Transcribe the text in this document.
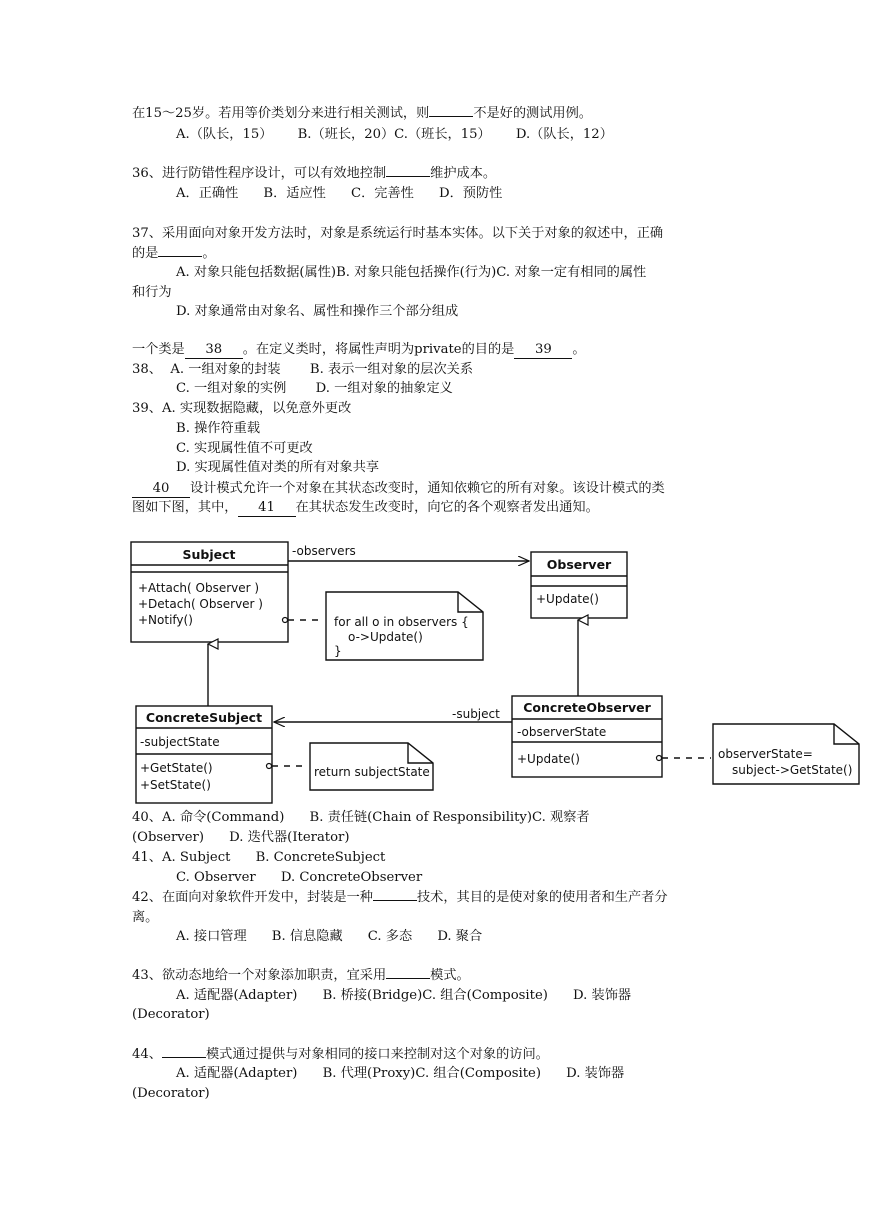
在15～25岁。若用等价类划分来进行相关测试，则	不是好的测试用例。
A.（队长，15）      B.（班长，20）C.（班长，15）      D.（队长，12）
36、进行防错性程序设计，可以有效地控制	维护成本。
A．正确性      B．适应性      C．完善性      D．预防性
37、采用面向对象开发方法时，对象是系统运行时基本实体。以下关于对象的叙述中，正确
的是	。
A. 对象只能包括数据(属性)B. 对象只能包括操作(行为)C. 对象一定有相同的属性
和行为
D. 对象通常由对象名、属性和操作三个部分组成
一个类是 38 。在定义类时，将属性声明为private的目的是 39 。
38、  A. 一组对象的封装       B. 表示一组对象的层次关系
C. 一组对象的实例       D. 一组对象的抽象定义
39、A. 实现数据隐藏，以免意外更改
B. 操作符重载
C. 实现属性值不可更改
D. 实现属性值对类的所有对象共享
40 设计模式允许一个对象在其状态改变时，通知依赖它的所有对象。该设计模式的类
图如下图，其中， 41 在其状态发生改变时，向它的各个观察者发出通知。
Subject
+Attach( Observer )
+Detach( Observer )
+Notify()
Observer
+Update()
ConcreteSubject
-subjectState
+GetState()
+SetState()
ConcreteObserver
-observerState
+Update()
-observers
-subject
for all o in observers {
o->Update()
}
return subjectState
observerState=
subject->GetState()
40、A. 命令(Command)      B. 责任链(Chain of Responsibility)C. 观察者
(Observer)      D. 迭代器(Iterator)
41、A. Subject      B. ConcreteSubject
C. Observer      D. ConcreteObserver
42、在面向对象软件开发中，封装是一种	技术，其目的是使对象的使用者和生产者分
离。
A. 接口管理      B. 信息隐藏      C. 多态      D. 聚合
43、欲动态地给一个对象添加职责，宜采用	模式。
A. 适配器(Adapter)      B. 桥接(Bridge)C. 组合(Composite)      D. 装饰器
(Decorator)
44、	模式通过提供与对象相同的接口来控制对这个对象的访问。
A. 适配器(Adapter)      B. 代理(Proxy)C. 组合(Composite)      D. 装饰器
(Decorator)
